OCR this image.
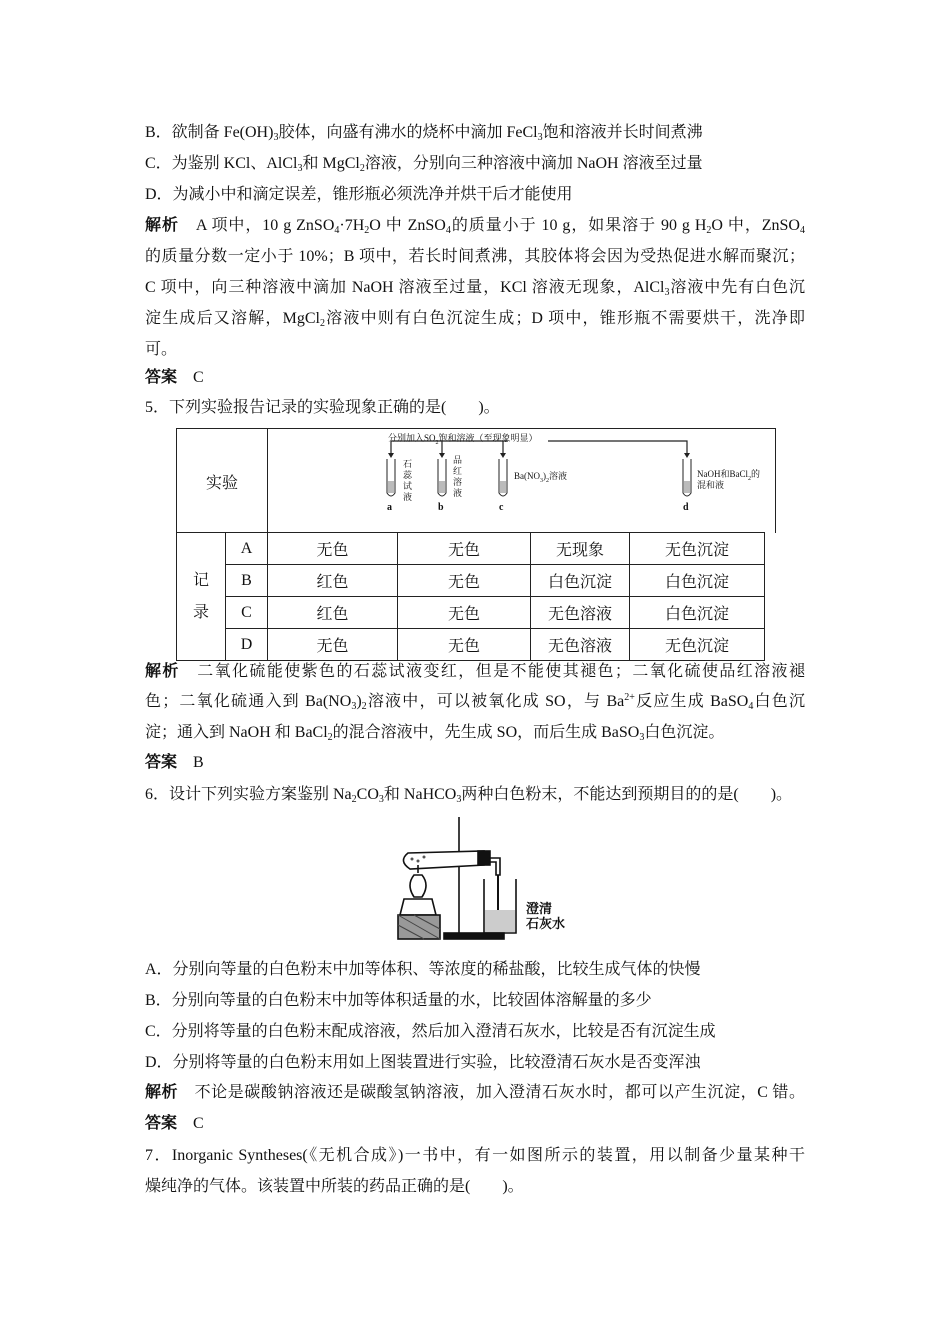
B．欲制备 $Fe(OH)_3$胶体，向盛有沸水的烧杯中滴加 FeCl$_3$饱和溶液并长时间煮沸
C．为鉴别 KCl、AlCl$_3$和 MgCl$_2$溶液，分别向三种溶液中滴加 NaOH 溶液至过量
D．为减小中和滴定误差，锥形瓶必须洗净并烘干后才能使用
解析　 A 项中，10 g $ZnSO_4\cdot 7H_2O$ 中 ZnSO$_4$的质量小于 10 g，如果溶于 90 g $H_2O$ 中，ZnSO$_4$
的质量分数一定小于 10%；B 项中，若长时间煮沸，其胶体将会因为受热促进水解而聚沉；
C 项中，向三种溶液中滴加 NaOH 溶液至过量，KCl 溶液无现象，AlCl$_3$溶液中先有白色沉
淀生成后又溶解，MgCl$_2$溶液中则有白色沉淀生成；D 项中，锥形瓶不需要烘干，洗净即
可。
答案　 C
5．下列实验报告记录的实验现象正确的是(　　)。
实验
分别加入$SO_2$饱和溶液（至现象明显）
石
蕊
试
液
品
红
溶
液
$Ba(NO_3)_2$溶液	NaOH和BaCl$_2$的
混和液
a	b	c	d
记
录	A	无色	无色	无现象	无色沉淀
	B	红色	无色	白色沉淀	白色沉淀
	C	红色	无色	无色溶液	白色沉淀
	D	无色	无色	无色溶液	无色沉淀
解析　 二氧化硫能使紫色的石蕊试液变红，但是不能使其褪色；二氧化硫使品红溶液褪
色；二氧化硫通入到 $Ba(NO_3)_2$溶液中，可以被氧化成 SO，与 $Ba^{2+}$反应生成 BaSO$_4$白色沉
淀；通入到 NaOH 和 BaCl$_2$的混合溶液中，先生成 SO，而后生成 BaSO$_3$白色沉淀。
答案　 B
6．设计下列实验方案鉴别 $Na_2CO_3$和 NaHCO$_3$两种白色粉末，不能达到预期目的的是(　　)。
澄清
石灰水
A．分别向等量的白色粉末中加等体积、等浓度的稀盐酸，比较生成气体的快慢
B．分别向等量的白色粉末中加等体积适量的水，比较固体溶解量的多少
C．分别将等量的白色粉末配成溶液，然后加入澄清石灰水，比较是否有沉淀生成
D．分别将等量的白色粉末用如上图装置进行实验，比较澄清石灰水是否变浑浊
解析　 不论是碳酸钠溶液还是碳酸氢钠溶液，加入澄清石灰水时，都可以产生沉淀，C 错。
答案　 C
7．Inorganic Syntheses(《无机合成》)一书中，有一如图所示的装置，用以制备少量某种干
燥纯净的气体。该装置中所装的药品正确的是(　　)。
